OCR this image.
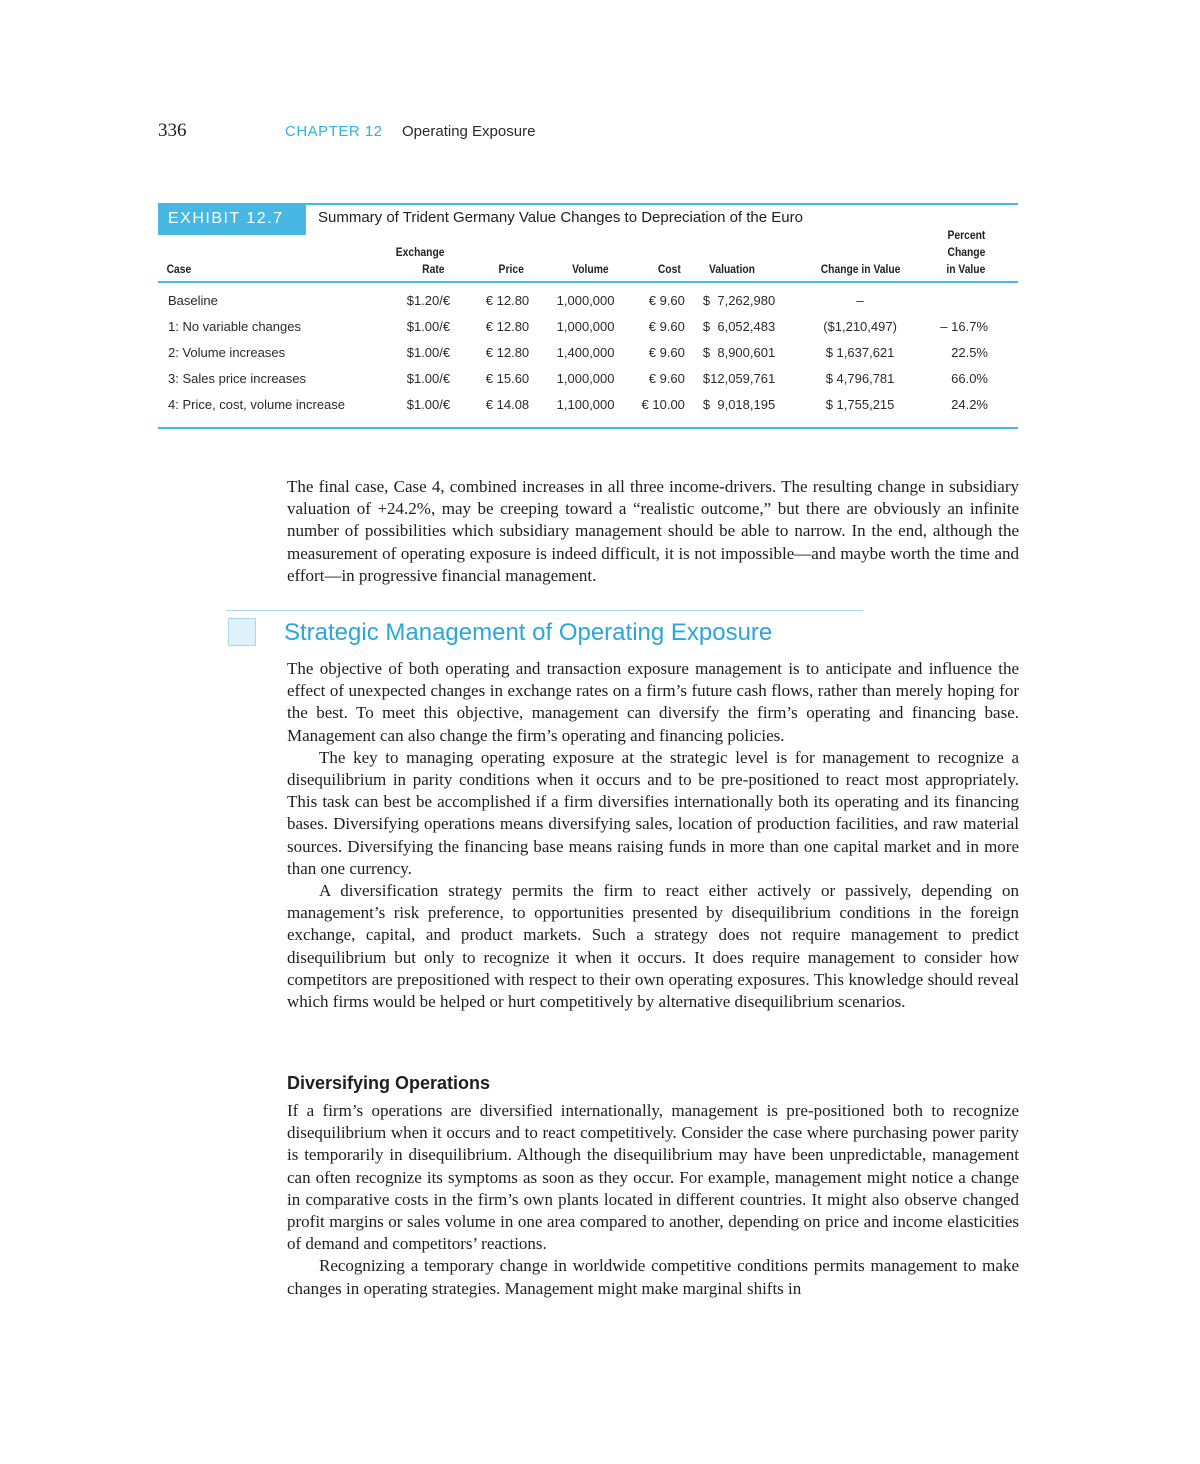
336	CHAPTER 12 Operating Exposure
EXHIBIT 12.7	Summary of Trident Germany Value Changes to Depreciation of the Euro
Case	Exchange Rate	Price	Volume	Cost	Valuation	Change in Value	Percent
Change
in Value
Baseline	$1.20/€	€ 12.80	1,000,000	€ 9.60	$  7,262,980	–	
1: No variable changes	$1.00/€	€ 12.80	1,000,000	€ 9.60	$  6,052,483	($1,210,497)	– 16.7%
2: Volume increases	$1.00/€	€ 12.80	1,400,000	€ 9.60	$  8,900,601	$ 1,637,621	22.5%
3: Sales price increases	$1.00/€	€ 15.60	1,000,000	€ 9.60	$12,059,761	$ 4,796,781	66.0%
4: Price, cost, volume increase	$1.00/€	€ 14.08	1,100,000	€ 10.00	$  9,018,195	$ 1,755,215	24.2%

The final case, Case 4, combined increases in all three income-drivers. The resulting change in subsidiary valuation of +24.2%, may be creeping toward a “realistic outcome,” but there are obviously an infinite number of possibilities which subsidiary management should be able to narrow. In the end, although the measurement of operating exposure is indeed difficult, it is not impossible—and maybe worth the time and effort—in progressive financial management.

Strategic Management of Operating Exposure

The objective of both operating and transaction exposure management is to anticipate and influence the effect of unexpected changes in exchange rates on a firm’s future cash flows, rather than merely hoping for the best. To meet this objective, management can diversify the firm’s operating and financing base. Management can also change the firm’s operating and financing policies.

The key to managing operating exposure at the strategic level is for management to recognize a disequilibrium in parity conditions when it occurs and to be pre-positioned to react most appropriately. This task can best be accomplished if a firm diversifies internationally both its operating and its financing bases. Diversifying operations means diversifying sales, location of production facilities, and raw material sources. Diversifying the financing base means raising funds in more than one capital market and in more than one currency.

A diversification strategy permits the firm to react either actively or passively, depending on management’s risk preference, to opportunities presented by disequilibrium conditions in the foreign exchange, capital, and product markets. Such a strategy does not require management to predict disequilibrium but only to recognize it when it occurs. It does require management to consider how competitors are prepositioned with respect to their own operating exposures. This knowledge should reveal which firms would be helped or hurt competitively by alternative disequilibrium scenarios.

Diversifying Operations

If a firm’s operations are diversified internationally, management is pre-positioned both to recognize disequilibrium when it occurs and to react competitively. Consider the case where purchasing power parity is temporarily in disequilibrium. Although the disequilibrium may have been unpredictable, management can often recognize its symptoms as soon as they occur. For example, management might notice a change in comparative costs in the firm’s own plants located in different countries. It might also observe changed profit margins or sales volume in one area compared to another, depending on price and income elasticities of demand and competitors’ reactions.

Recognizing a temporary change in worldwide competitive conditions permits management to make changes in operating strategies. Management might make marginal shifts in
